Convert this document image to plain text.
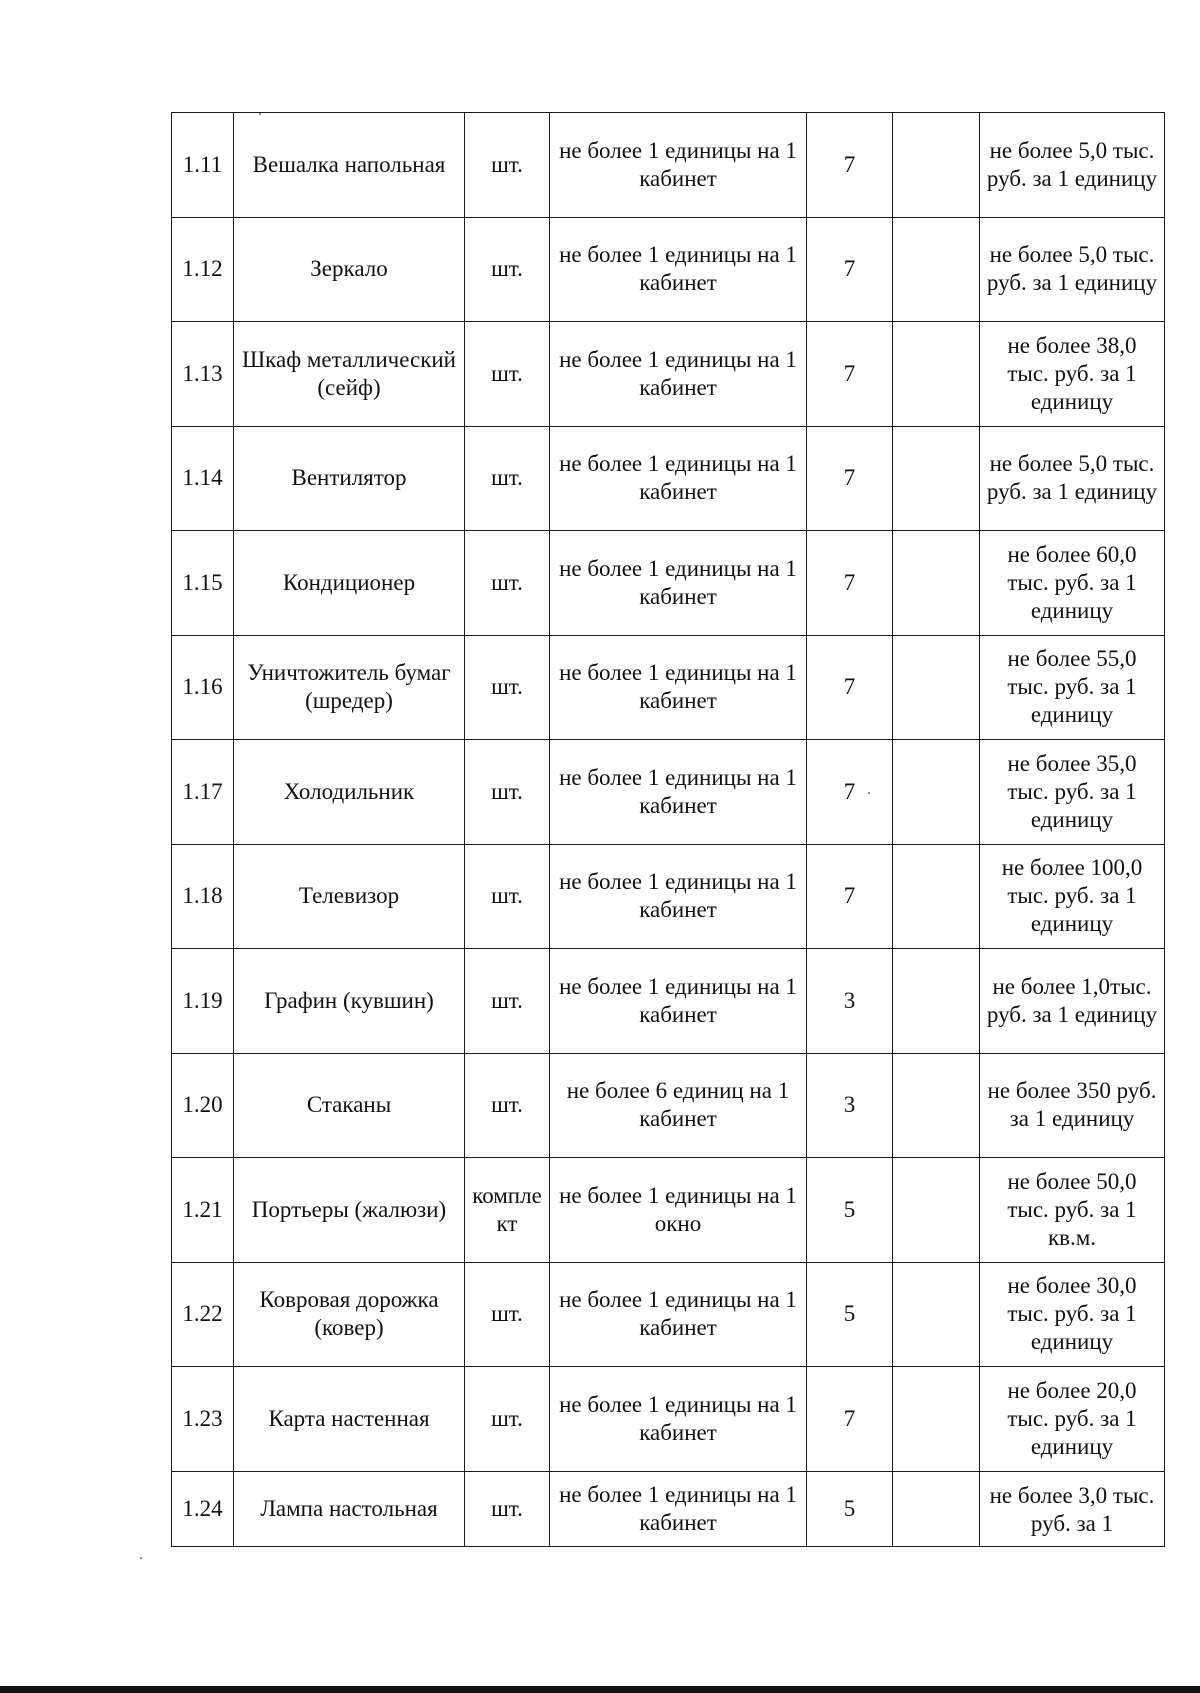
1.11	Вешалка напольная	шт.	не более 1 единицы на 1 кабинет	7		не более 5,0 тыс. руб. за 1 единицу
1.12	Зеркало	шт.	не более 1 единицы на 1 кабинет	7		не более 5,0 тыс. руб. за 1 единицу
1.13	Шкаф металлический (сейф)	шт.	не более 1 единицы на 1 кабинет	7		не более 38,0 тыс. руб. за 1 единицу
1.14	Вентилятор	шт.	не более 1 единицы на 1 кабинет	7		не более 5,0 тыс. руб. за 1 единицу
1.15	Кондиционер	шт.	не более 1 единицы на 1 кабинет	7		не более 60,0 тыс. руб. за 1 единицу
1.16	Уничтожитель бумаг (шредер)	шт.	не более 1 единицы на 1 кабинет	7		не более 55,0 тыс. руб. за 1 единицу
1.17	Холодильник	шт.	не более 1 единицы на 1 кабинет	7		не более 35,0 тыс. руб. за 1 единицу
1.18	Телевизор	шт.	не более 1 единицы на 1 кабинет	7		не более 100,0 тыс. руб. за 1 единицу
1.19	Графин (кувшин)	шт.	не более 1 единицы на 1 кабинет	3		не более 1,0тыс. руб. за 1 единицу
1.20	Стаканы	шт.	не более 6 единиц на 1 кабинет	3		не более 350 руб. за 1 единицу
1.21	Портьеры (жалюзи)	комплект	не более 1 единицы на 1 окно	5		не более 50,0 тыс. руб. за 1 кв.м.
1.22	Ковровая дорожка (ковер)	шт.	не более 1 единицы на 1 кабинет	5		не более 30,0 тыс. руб. за 1 единицу
1.23	Карта настенная	шт.	не более 1 единицы на 1 кабинет	7		не более 20,0 тыс. руб. за 1 единицу
1.24	Лампа настольная	шт.	не более 1 единицы на 1 кабинет	5		не более 3,0 тыс. руб. за 1
